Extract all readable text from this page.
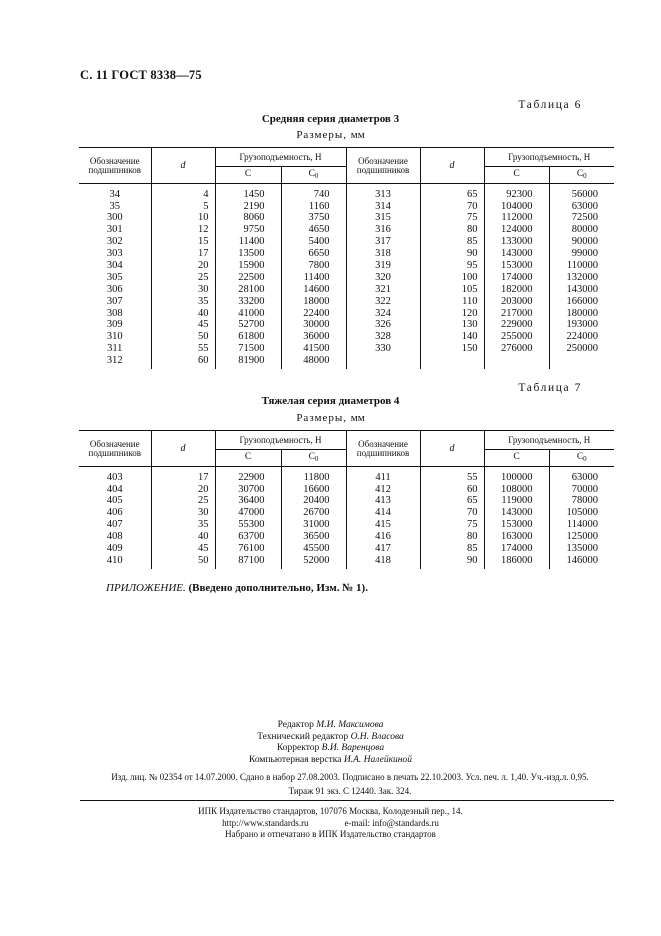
С. 11 ГОСТ 8338—75
Таблица 6
Средняя серия диаметров 3
Размеры, мм
Обозначение подшипников	d	Грузоподъемность, Н		Обозначение подшипников	d	Грузоподъемность, Н	
		С	$С_0$			С	$С_0$
34	4	1450	740	313	65	92300	56000
35	5	2190	1160	314	70	104000	63000
300	10	8060	3750	315	75	112000	72500
301	12	9750	4650	316	80	124000	80000
302	15	11400	5400	317	85	133000	90000
303	17	13500	6650	318	90	143000	99000
304	20	15900	7800	319	95	153000	110000
305	25	22500	11400	320	100	174000	132000
306	30	28100	14600	321	105	182000	143000
307	35	33200	18000	322	110	203000	166000
308	40	41000	22400	324	120	217000	180000
309	45	52700	30000	326	130	229000	193000
310	50	61800	36000	328	140	255000	224000
311	55	71500	41500	330	150	276000	250000
312	60	81900	48000				
Таблица 7
Тяжелая серия диаметров 4
Размеры, мм
Обозначение подшипников	d	Грузоподъемность, Н		Обозначение подшипников	d	Грузоподъемность, Н	
		С	$С_0$			С	$С_0$
403	17	22900	11800	411	55	100000	63000
404	20	30700	16600	412	60	108000	70000
405	25	36400	20400	413	65	119000	78000
406	30	47000	26700	414	70	143000	105000
407	35	55300	31000	415	75	153000	114000
408	40	63700	36500	416	80	163000	125000
409	45	76100	45500	417	85	174000	135000
410	50	87100	52000	418	90	186000	146000
ПРИЛОЖЕНИЕ. (Введено дополнительно, Изм. № 1).
Редактор М.И. Максимова
Технический редактор О.Н. Власова
Корректор В.И. Варенцова
Компьютерная верстка И.А. Налейкиной
Изд. лиц. № 02354 от 14.07.2000. Сдано в набор 27.08.2003. Подписано в печать 22.10.2003. Усл. печ. л. 1,40. Уч.-изд.л. 0,95.
Тираж 91 экз. С 12440. Зак. 324.
ИПК Издательство стандартов, 107076 Москва, Колодезный пер., 14.
http://www.standards.ru                e-mail: info@standards.ru
Набрано и отпечатано в ИПК Издательство стандартов
